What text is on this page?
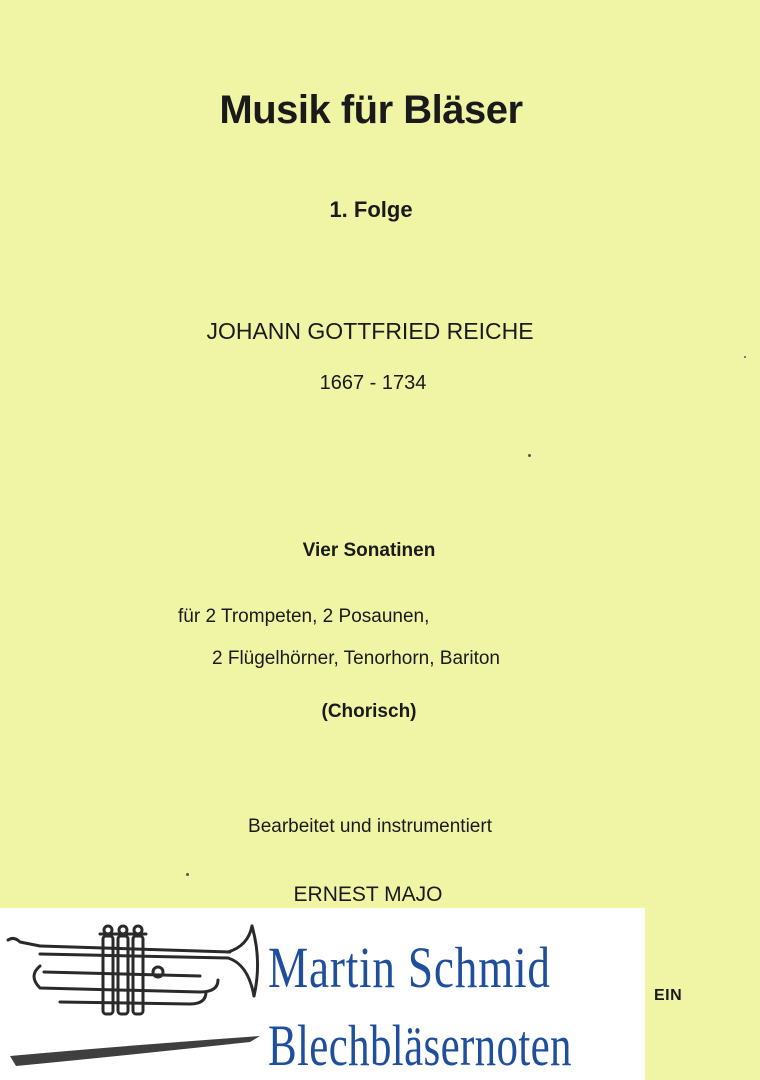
Musik für Bläser
1. Folge
JOHANN GOTTFRIED REICHE
1667 - 1734
Vier Sonatinen
für 2 Trompeten, 2 Posaunen,
2 Flügelhörner, Tenorhorn, Bariton
(Chorisch)
Bearbeitet und instrumentiert
ERNEST MAJO
EIN
Martin Schmid
Blechbläsernoten
